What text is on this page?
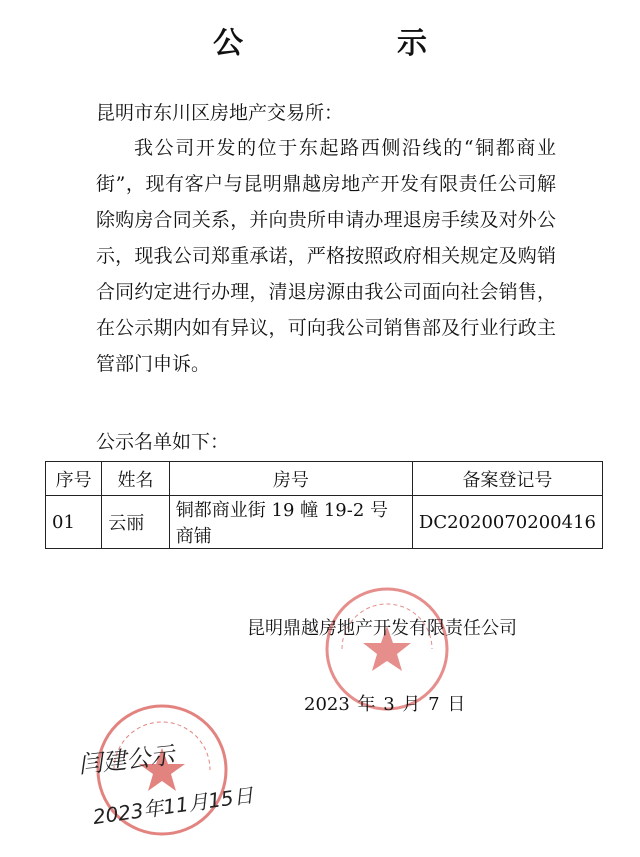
公　示
昆明市东川区房地产交易所：
我公司开发的位于东起路西侧沿线的“铜都商业街”，现有客户与昆明鼎越房地产开发有限责任公司解除购房合同关系，并向贵所申请办理退房手续及对外公示，现我公司郑重承诺，严格按照政府相关规定及购销合同约定进行办理，清退房源由我公司面向社会销售，在公示期内如有异议，可向我公司销售部及行业行政主管部门申诉。
公示名单如下：
序号	姓名	房号	备案登记号
01	云丽	铜都商业街 19 幢 19-2 号商铺	DC2020070200416
昆明鼎越房地产开发有限责任公司
2023 年 3 月 7 日
闫建公示
2023年11月15日
